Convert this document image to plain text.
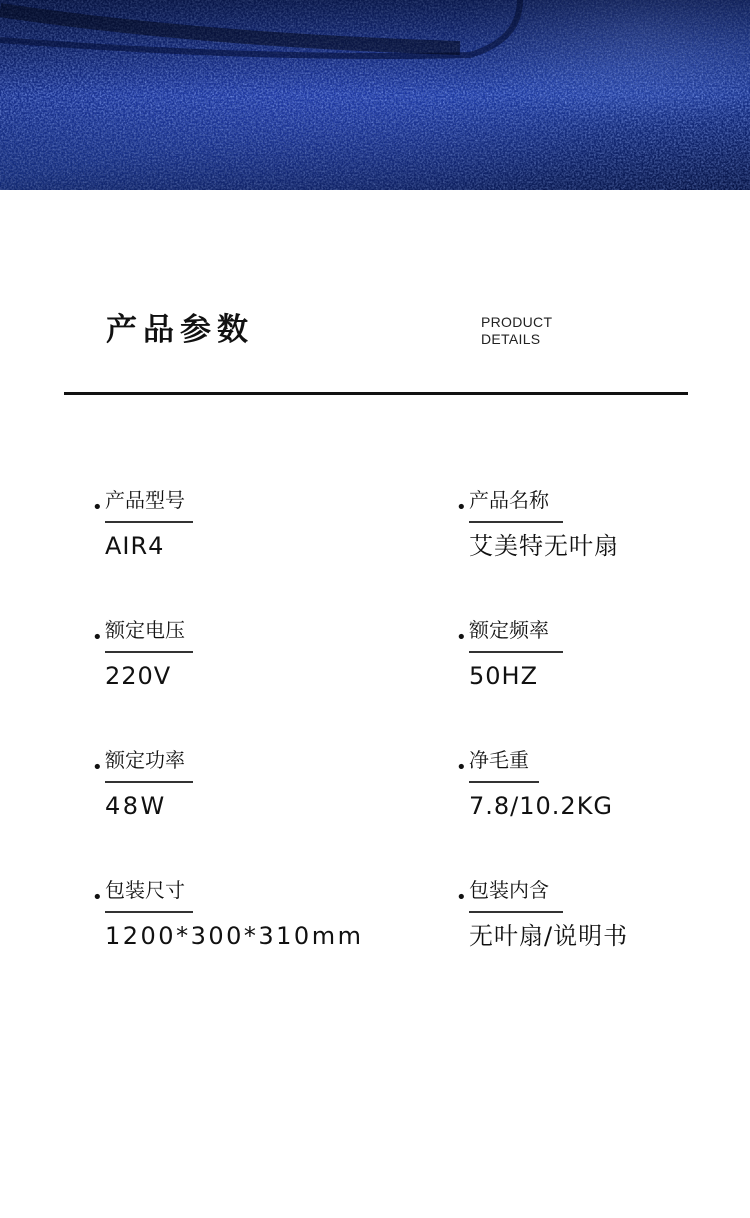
产品参数	PRODUCT
DETAILS
• 产品型号
AIR4
• 产品名称
艾美特无叶扇
• 额定电压
220V
• 额定频率
50HZ
• 额定功率
48W
• 净毛重
7.8/10.2KG
• 包装尺寸
1200*300*310mm
• 包装内含
无叶扇/说明书
